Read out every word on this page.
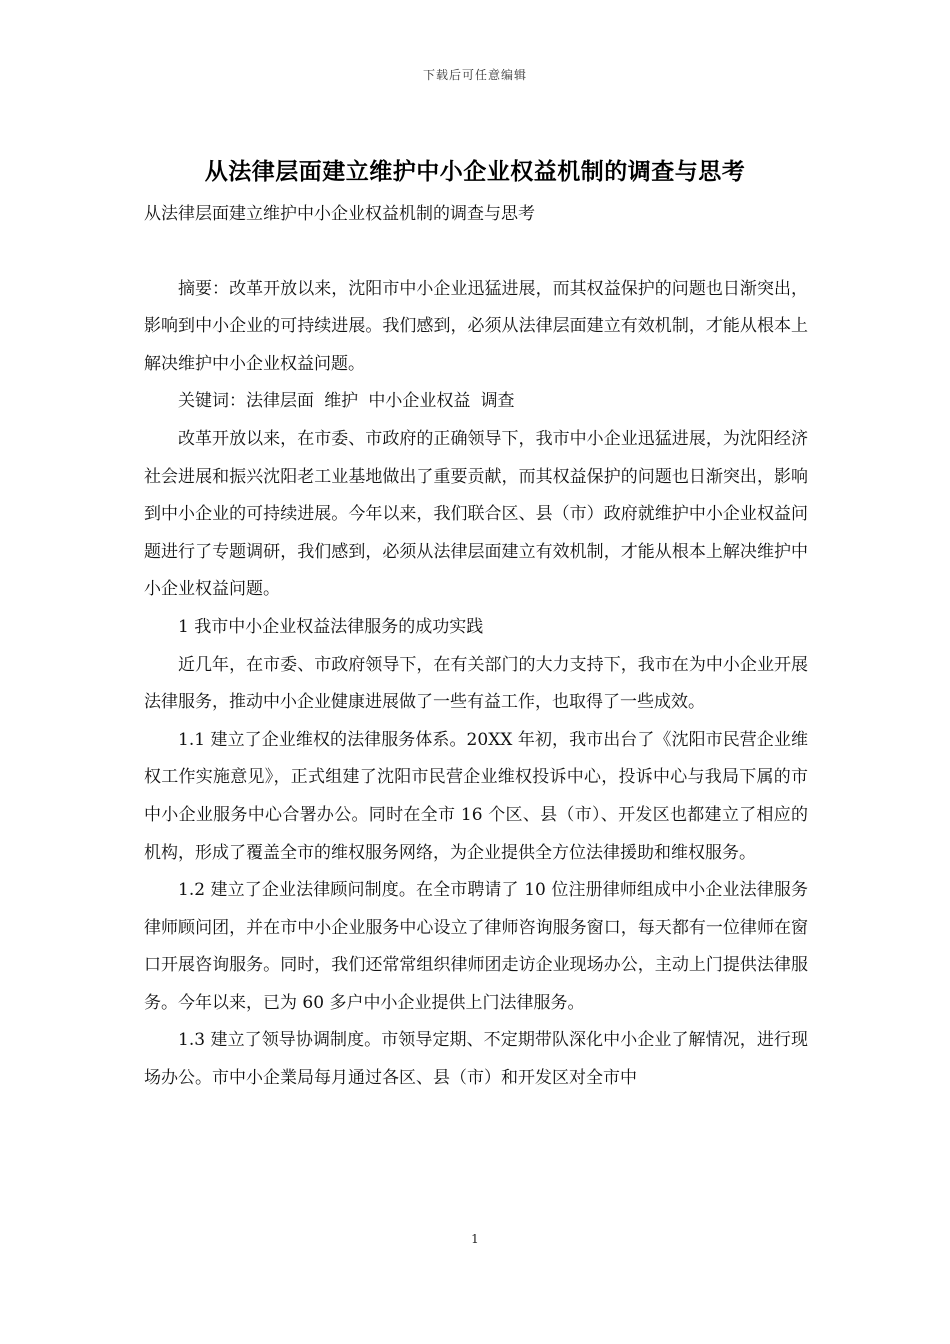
下载后可任意编辑
从法律层面建立维护中小企业权益机制的调查与思考

从法律层面建立维护中小企业权益机制的调查与思考

摘要：改革开放以来，沈阳市中小企业迅猛进展，而其权益保护的问题也日渐突出，影响到中小企业的可持续进展。我们感到，必须从法律层面建立有效机制，才能从根本上解决维护中小企业权益问题。

关键词：法律层面 维护 中小企业权益 调查

改革开放以来，在市委、市政府的正确领导下，我市中小企业迅猛进展，为沈阳经济社会进展和振兴沈阳老工业基地做出了重要贡献，而其权益保护的问题也日渐突出，影响到中小企业的可持续进展。今年以来，我们联合区、县（市）政府就维护中小企业权益问题进行了专题调研，我们感到，必须从法律层面建立有效机制，才能从根本上解决维护中小企业权益问题。

1 我市中小企业权益法律服务的成功实践

近几年，在市委、市政府领导下，在有关部门的大力支持下，我市在为中小企业开展法律服务，推动中小企业健康进展做了一些有益工作，也取得了一些成效。

1.1 建立了企业维权的法律服务体系。20XX 年初，我市出台了《沈阳市民营企业维权工作实施意见》，正式组建了沈阳市民营企业维权投诉中心，投诉中心与我局下属的市中小企业服务中心合署办公。同时在全市 16 个区、县（市）、开发区也都建立了相应的机构，形成了覆盖全市的维权服务网络，为企业提供全方位法律援助和维权服务。

1.2 建立了企业法律顾问制度。在全市聘请了 10 位注册律师组成中小企业法律服务律师顾问团，并在市中小企业服务中心设立了律师咨询服务窗口，每天都有一位律师在窗口开展咨询服务。同时，我们还常常组织律师团走访企业现场办公，主动上门提供法律服务。今年以来，已为 60 多户中小企业提供上门法律服务。

1.3 建立了领导协调制度。市领导定期、不定期带队深化中小企业了解情况，进行现场办公。市中小企業局每月通过各区、县（市）和开发区对全市中

1
